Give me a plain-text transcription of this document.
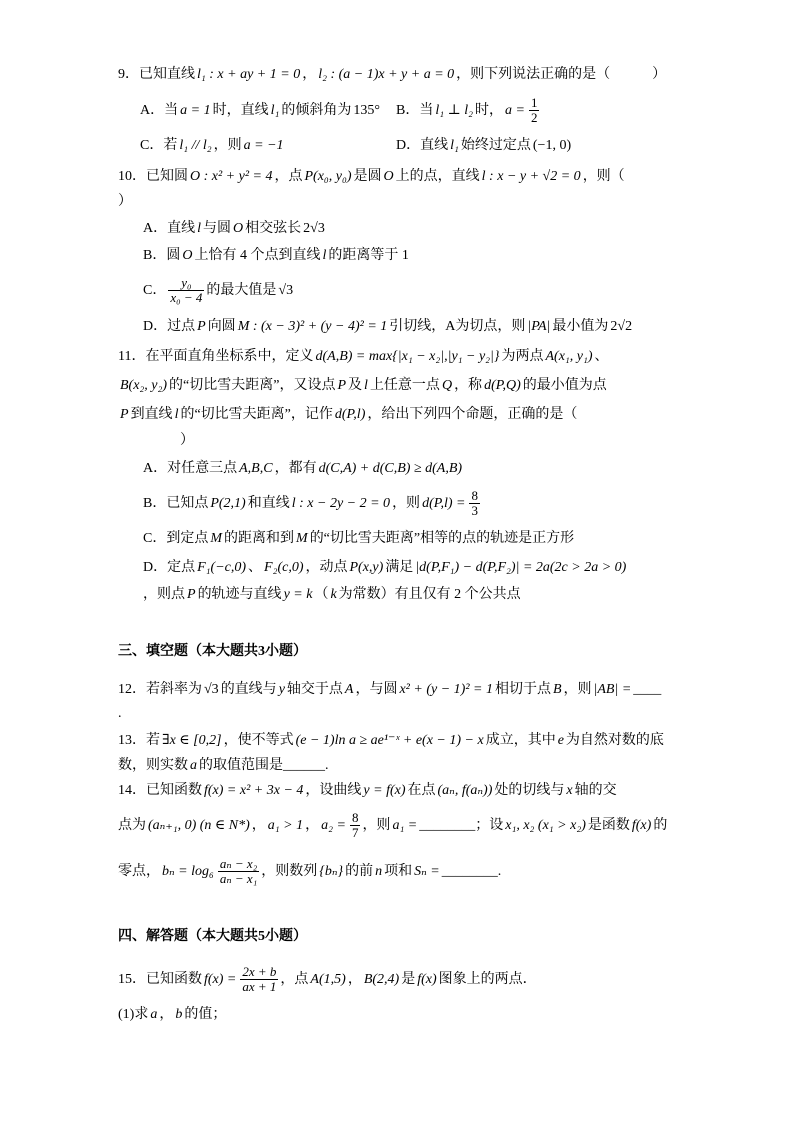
9．已知直线 l₁ : x + ay + 1 = 0 ， l₂ : (a − 1)x + y + a = 0 ，则下列说法正确的是（　　　）
A．当 a = 1 时，直线 l₁ 的倾斜角为 135° B．当 l₁ ⊥ l₂ 时， $a = \frac{1}{2}$
C．若 l₁ // l₂ ，则 a = −1	D．直线 l₁ 始终过定点 (−1, 0)
10．已知圆 O : x² + y² = 4 ，点 P(x₀, y₀) 是圆 O 上的点，直线 l : x − y + √2 = 0 ，则（
）
A．直线 l 与圆 O 相交弦长 2√3
B．圆 O 上恰有 4 个点到直线 l 的距离等于 1
C． $\frac{\text{y₀}}{\text{x₀ − 4}}$ 的最大值是 √3
D．过点 P 向圆 M : (x − 3)² + (y − 4)² = 1 引切线，A为切点，则 |PA| 最小值为 2√2
11．在平面直角坐标系中，定义 d(A,B) = max{|x₁ − x₂|,|y₁ − y₂|} 为两点 A(x₁, y₁) 、
B(x₂, y₂) 的“切比雪夫距离”，又设点 P 及 l 上任意一点 Q ，称 d(P,Q) 的最小值为点
P 到直线 l 的“切比雪夫距离”，记作 d(P,l) ，给出下列四个命题，正确的是（
）
A．对任意三点 A,B,C ，都有 d(C,A) + d(C,B) ≥ d(A,B)
B．已知点 P(2,1) 和直线 l : x − 2y − 2 = 0 ，则 $d(P,l) = \frac{8}{3}$
C．到定点 M 的距离和到 M 的“切比雪夫距离”相等的点的轨迹是正方形
D．定点 F₁(−c,0) 、 F₂(c,0) ，动点 P(x,y) 满足 |d(P,F₁) − d(P,F₂)| = 2a(2c > 2a > 0)
，则点 P 的轨迹与直线 y = k （ k 为常数）有且仅有 2 个公共点
三、填空题（本大题共3小题）
12．若斜率为 √3 的直线与 y 轴交于点 A ，与圆 x² + (y − 1)² = 1 相切于点 B ，则 |AB| = ____
.
13．若 ∃x ∈ [0,2] ，使不等式 (e − 1)ln a ≥ ae¹⁻ˣ + e(x − 1) − x 成立，其中 e 为自然对数的底
数，则实数 a 的取值范围是______.
14．已知函数 f(x) = x² + 3x − 4 ，设曲线 y = f(x) 在点 (aₙ, f(aₙ)) 处的切线与 x 轴的交
点为 (aₙ₊₁, 0) (n ∈ N*) ， a₁ > 1 ， $a_2 = \frac{8}{7}$ ，则 a₁ = ________；设 x₁, x₂ (x₁ > x₂) 是函数 f(x) 的
零点， $b_n = \log_6 \frac{\text{aₙ − x₂}}{\text{aₙ − x₁}}$ ，则数列 {bₙ} 的前 n 项和 Sₙ = ________.
四、解答题（本大题共5小题）
15．已知函数 $f(x) = \frac{2x + b}{ax + 1}$ ，点 A(1,5) ， B(2,4) 是 f(x) 图象上的两点．
(1)求 a ， b 的值；
